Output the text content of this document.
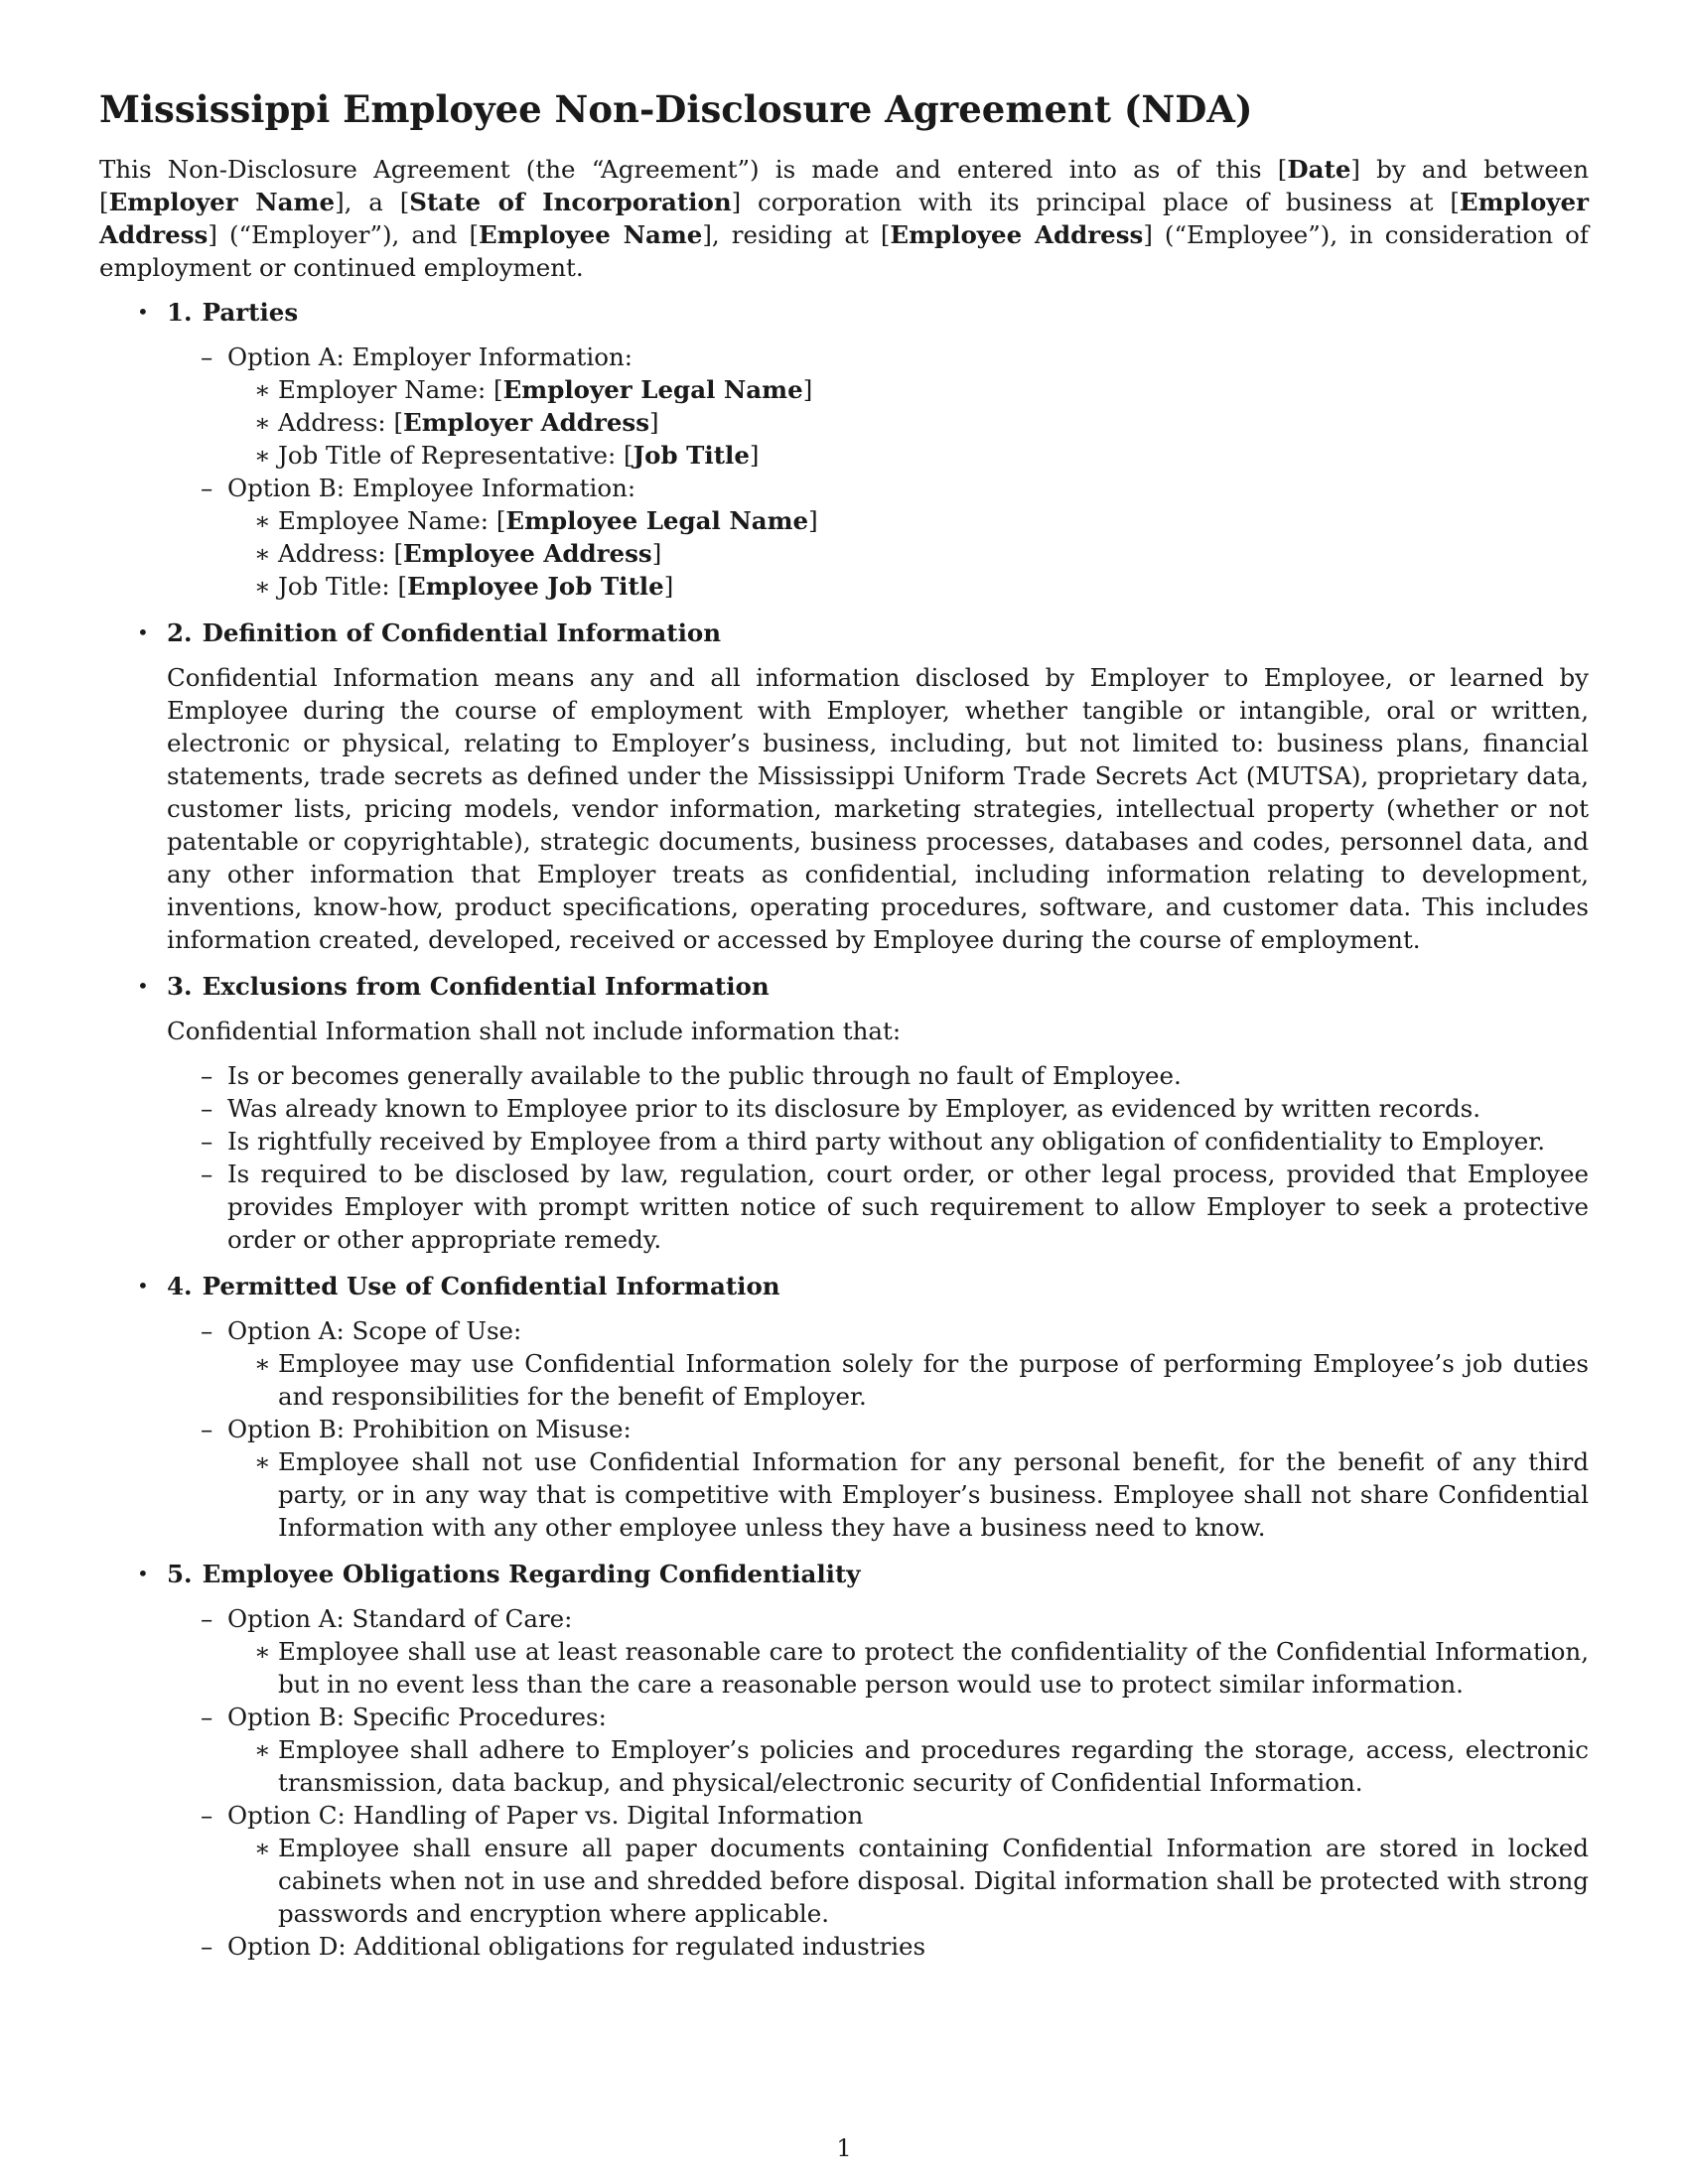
Mississippi Employee Non-Disclosure Agreement (NDA)

This Non-Disclosure Agreement (the “Agreement”) is made and entered into as of this [Date] by and between [Employer Name], a [State of Incorporation] corporation with its principal place of business at [Employer Address] (“Employer”), and [Employee Name], residing at [Employee Address] (“Employee”), in consideration of employment or continued employment.

• 1. Parties
– Option A: Employer Information:
∗ Employer Name: [Employer Legal Name]
∗ Address: [Employer Address]
∗ Job Title of Representative: [Job Title]
– Option B: Employee Information:
∗ Employee Name: [Employee Legal Name]
∗ Address: [Employee Address]
∗ Job Title: [Employee Job Title]
• 2. Definition of Confidential Information

Confidential Information means any and all information disclosed by Employer to Employee, or learned by Employee during the course of employment with Employer, whether tangible or intangible, oral or written, electronic or physical, relating to Employer’s business, including, but not limited to: business plans, financial statements, trade secrets as defined under the Mississippi Uniform Trade Secrets Act (MUTSA), proprietary data, customer lists, pricing models, vendor information, marketing strategies, intellectual property (whether or not patentable or copyrightable), strategic documents, business processes, databases and codes, personnel data, and any other information that Employer treats as confidential, including information relating to development, inventions, know-how, product specifications, operating procedures, software, and customer data. This includes information created, developed, received or accessed by Employee during the course of employment.

• 3. Exclusions from Confidential Information

Confidential Information shall not include information that:

– Is or becomes generally available to the public through no fault of Employee.
– Was already known to Employee prior to its disclosure by Employer, as evidenced by written records.
– Is rightfully received by Employee from a third party without any obligation of confidentiality to Employer.
– Is required to be disclosed by law, regulation, court order, or other legal process, provided that Employee provides Employer with prompt written notice of such requirement to allow Employer to seek a protective order or other appropriate remedy.
• 4. Permitted Use of Confidential Information
– Option A: Scope of Use:
∗ Employee may use Confidential Information solely for the purpose of performing Employee’s job duties and responsibilities for the benefit of Employer.
– Option B: Prohibition on Misuse:
∗ Employee shall not use Confidential Information for any personal benefit, for the benefit of any third party, or in any way that is competitive with Employer’s business. Employee shall not share Confidential Information with any other employee unless they have a business need to know.
• 5. Employee Obligations Regarding Confidentiality
– Option A: Standard of Care:
∗ Employee shall use at least reasonable care to protect the confidentiality of the Confidential Information, but in no event less than the care a reasonable person would use to protect similar information.
– Option B: Specific Procedures:
∗ Employee shall adhere to Employer’s policies and procedures regarding the storage, access, electronic transmission, data backup, and physical/electronic security of Confidential Information.
– Option C: Handling of Paper vs. Digital Information
∗ Employee shall ensure all paper documents containing Confidential Information are stored in locked cabinets when not in use and shredded before disposal. Digital information shall be protected with strong passwords and encryption where applicable.
– Option D: Additional obligations for regulated industries
1
